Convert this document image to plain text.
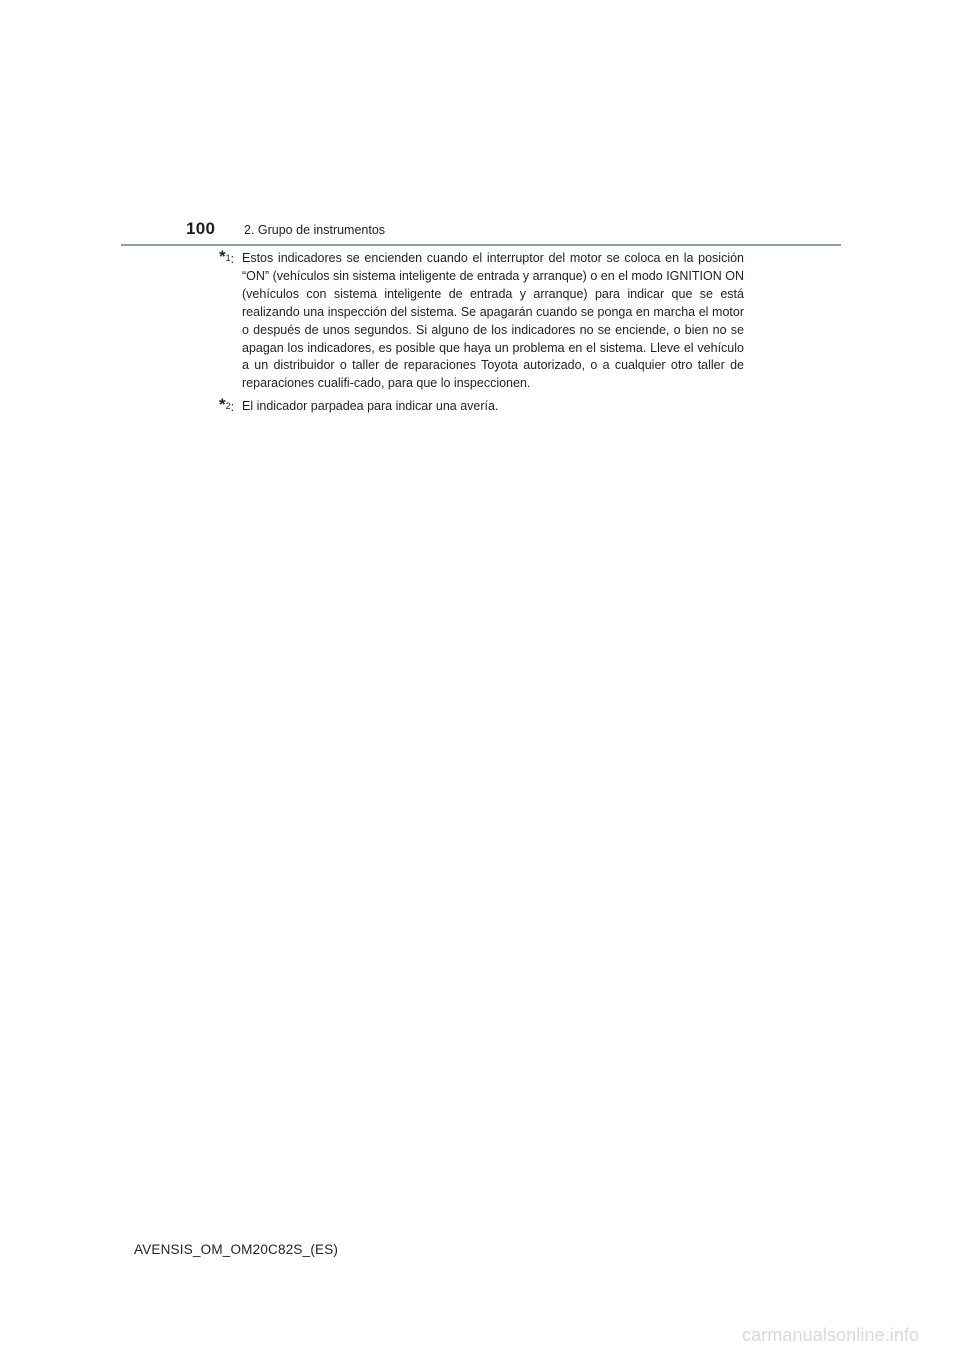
100 2. Grupo de instrumentos
*1: Estos indicadores se encienden cuando el interruptor del motor se coloca en la posición “ON” (vehículos sin sistema inteligente de entrada y arranque) o en el modo IGNITION ON (vehículos con sistema inteligente de entrada y arranque) para indicar que se está realizando una inspección del sistema. Se apagarán cuando se ponga en marcha el motor o después de unos segundos. Si alguno de los indicadores no se enciende, o bien no se apagan los indicadores, es posible que haya un problema en el sistema. Lleve el vehículo a un distribuidor o taller de reparaciones Toyota autorizado, o a cualquier otro taller de reparaciones cualifi-cado, para que lo inspeccionen.
*2: El indicador parpadea para indicar una avería.
AVENSIS_OM_OM20C82S_(ES)
carmanualsonline.info
